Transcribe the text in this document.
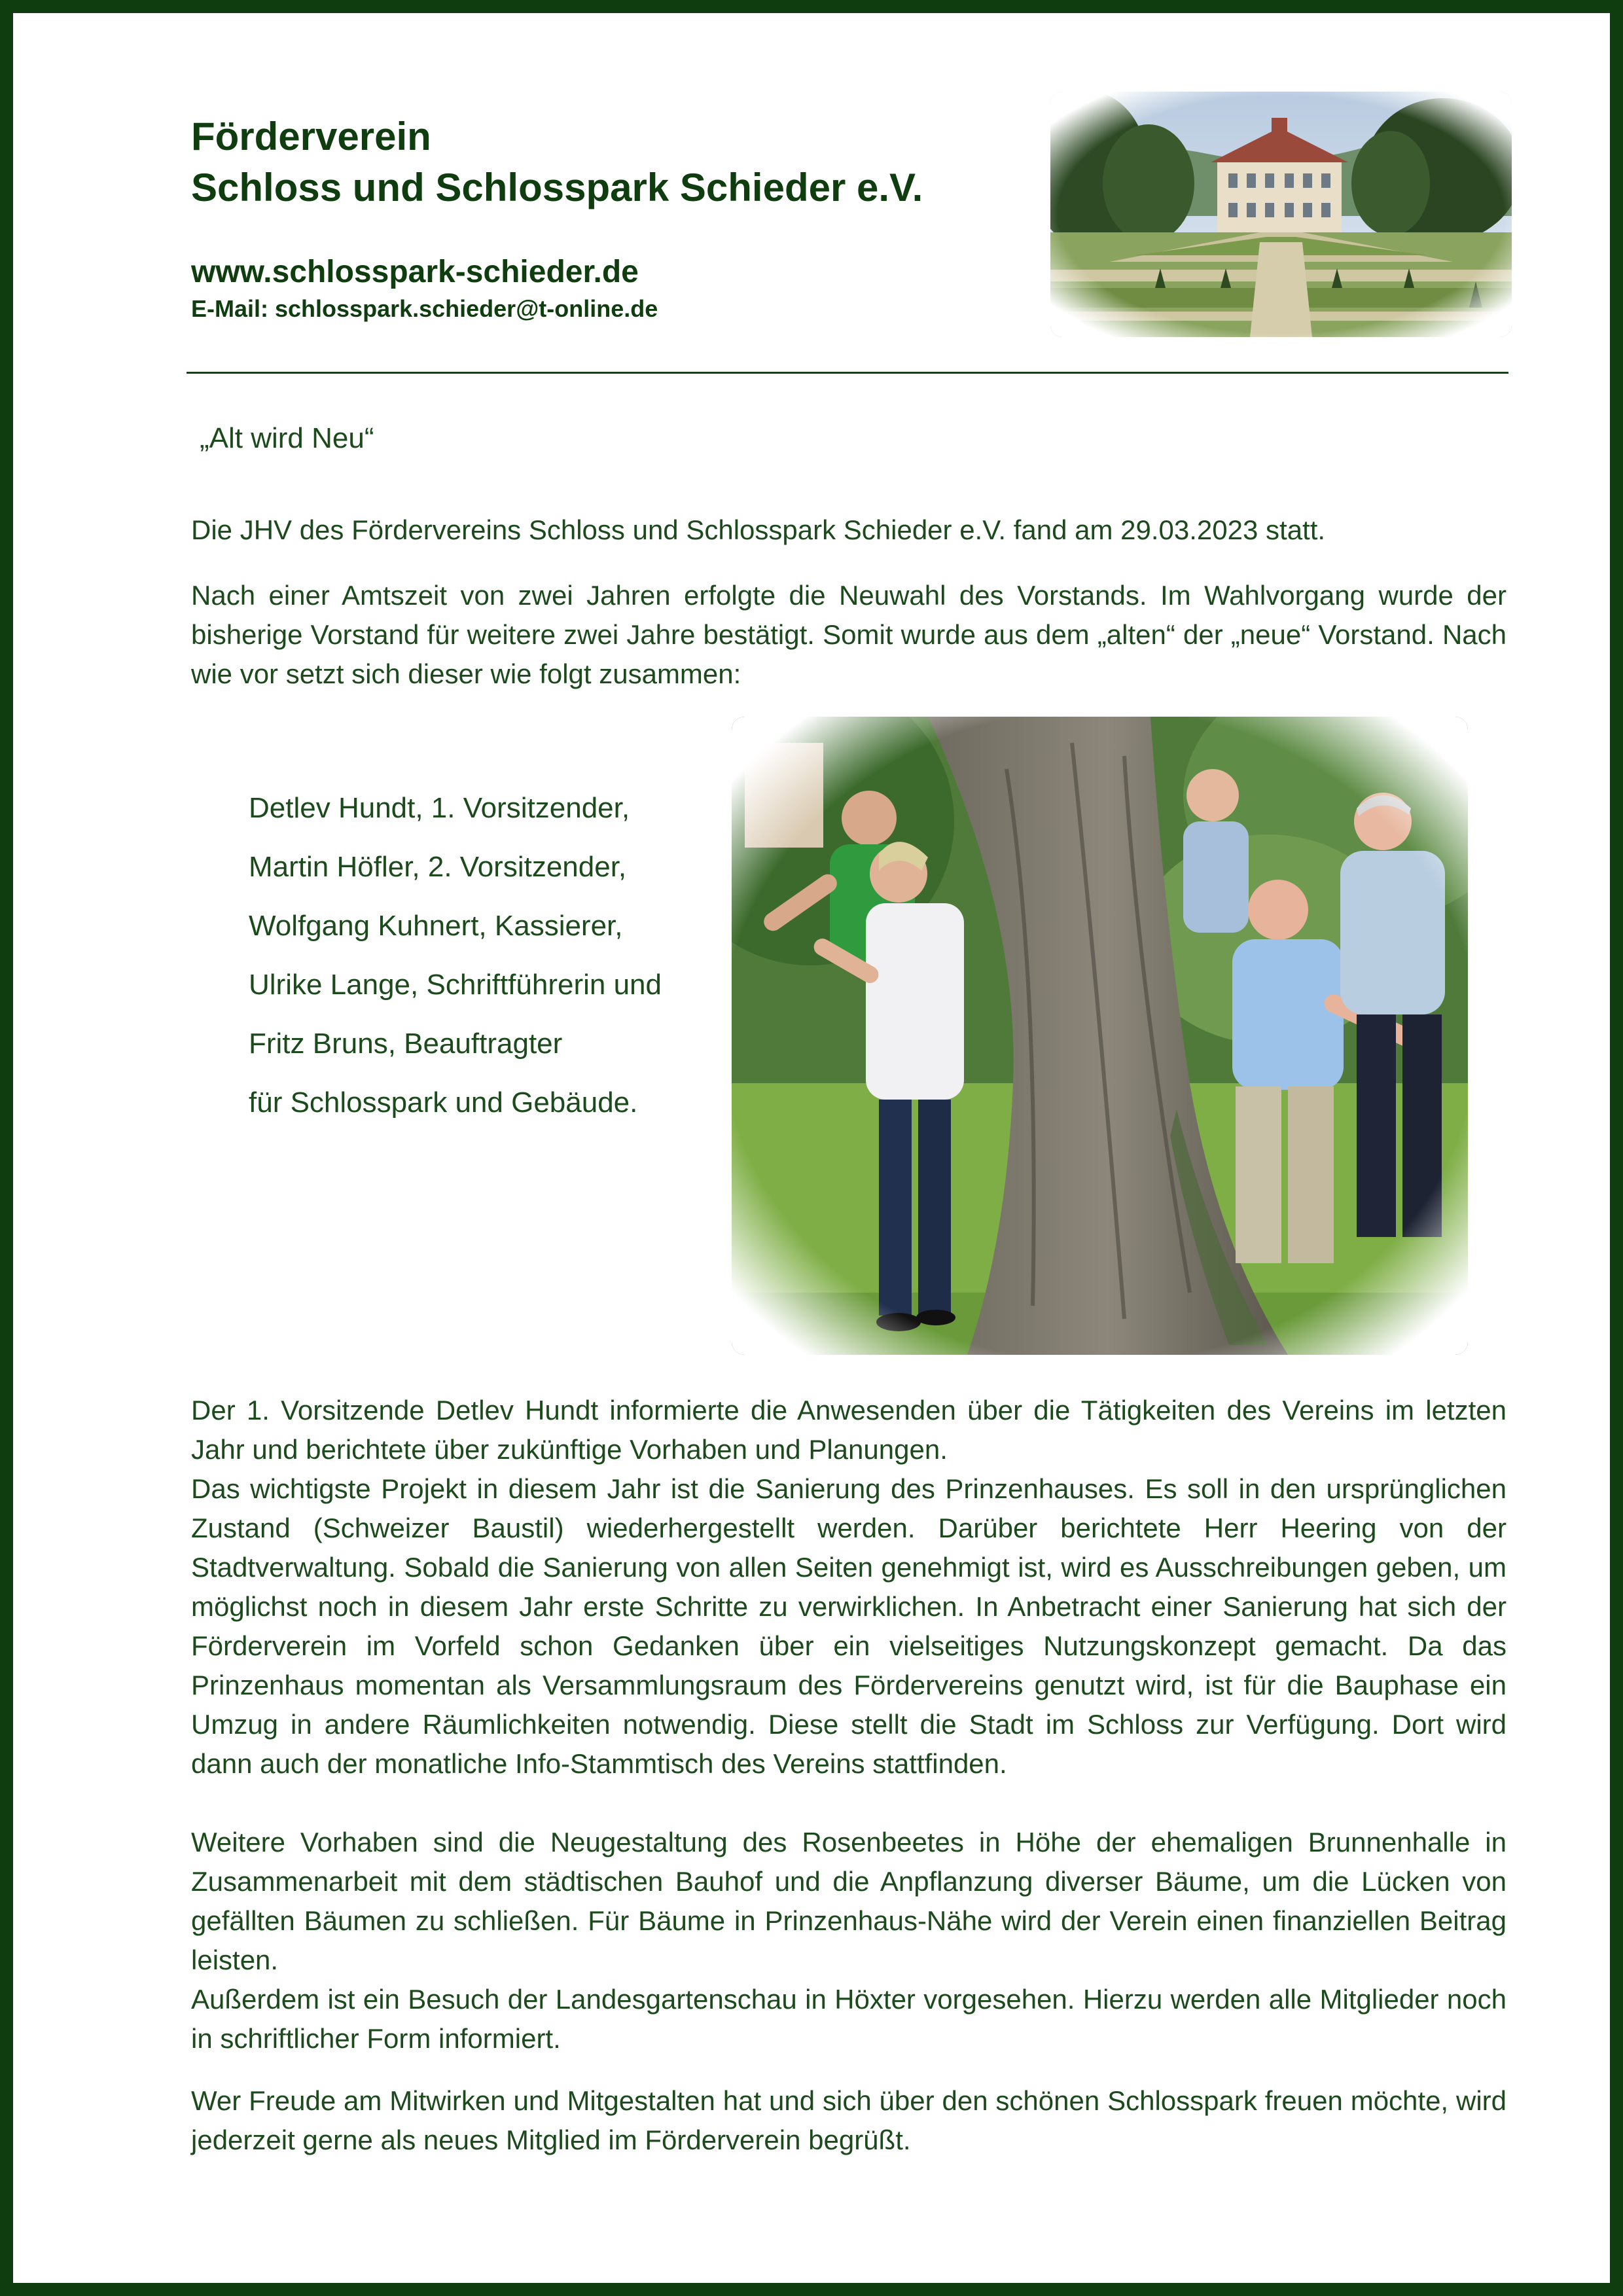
Förderverein
Schloss und Schlosspark Schieder e.V.
www.schlosspark-schieder.de
E-Mail: schlosspark.schieder@t-online.de
„Alt wird Neu“

Die JHV des Fördervereins Schloss und Schlosspark Schieder e.V. fand am 29.03.2023 statt.

Nach einer Amtszeit von zwei Jahren erfolgte die Neuwahl des Vorstands. Im Wahlvorgang wurde der bisherige Vorstand für weitere zwei Jahre bestätigt. Somit wurde aus dem „alten“ der „neue“ Vorstand. Nach wie vor setzt sich dieser wie folgt zusammen:

Detlev Hundt, 1. Vorsitzender,
Martin Höfler, 2. Vorsitzender,
Wolfgang Kuhnert, Kassierer,
Ulrike Lange, Schriftführerin und
Fritz Bruns, Beauftragter
für Schlosspark und Gebäude.

Der 1. Vorsitzende Detlev Hundt informierte die Anwesenden über die Tätigkeiten des Vereins im letzten Jahr und berichtete über zukünftige Vorhaben und Planungen.

Das wichtigste Projekt in diesem Jahr ist die Sanierung des Prinzenhauses. Es soll in den ursprünglichen Zustand (Schweizer Baustil) wiederhergestellt werden. Darüber berichtete Herr Heering von der Stadtverwaltung. Sobald die Sanierung von allen Seiten genehmigt ist, wird es Ausschreibungen geben, um möglichst noch in diesem Jahr erste Schritte zu verwirklichen. In Anbetracht einer Sanierung hat sich der Förderverein im Vorfeld schon Gedanken über ein vielseitiges Nutzungskonzept gemacht. Da das Prinzenhaus momentan als Versammlungsraum des Fördervereins genutzt wird, ist für die Bauphase ein Umzug in andere Räumlichkeiten notwendig. Diese stellt die Stadt im Schloss zur Verfügung. Dort wird dann auch der monatliche Info-Stammtisch des Vereins stattfinden.

Weitere Vorhaben sind die Neugestaltung des Rosenbeetes in Höhe der ehemaligen Brunnenhalle in Zusammenarbeit mit dem städtischen Bauhof und die Anpflanzung diverser Bäume, um die Lücken von gefällten Bäumen zu schließen. Für Bäume in Prinzenhaus-Nähe wird der Verein einen finanziellen Beitrag leisten.

Außerdem ist ein Besuch der Landesgartenschau in Höxter vorgesehen. Hierzu werden alle Mitglieder noch in schriftlicher Form informiert.

Wer Freude am Mitwirken und Mitgestalten hat und sich über den schönen Schlosspark freuen möchte, wird jederzeit gerne als neues Mitglied im Förderverein begrüßt.
